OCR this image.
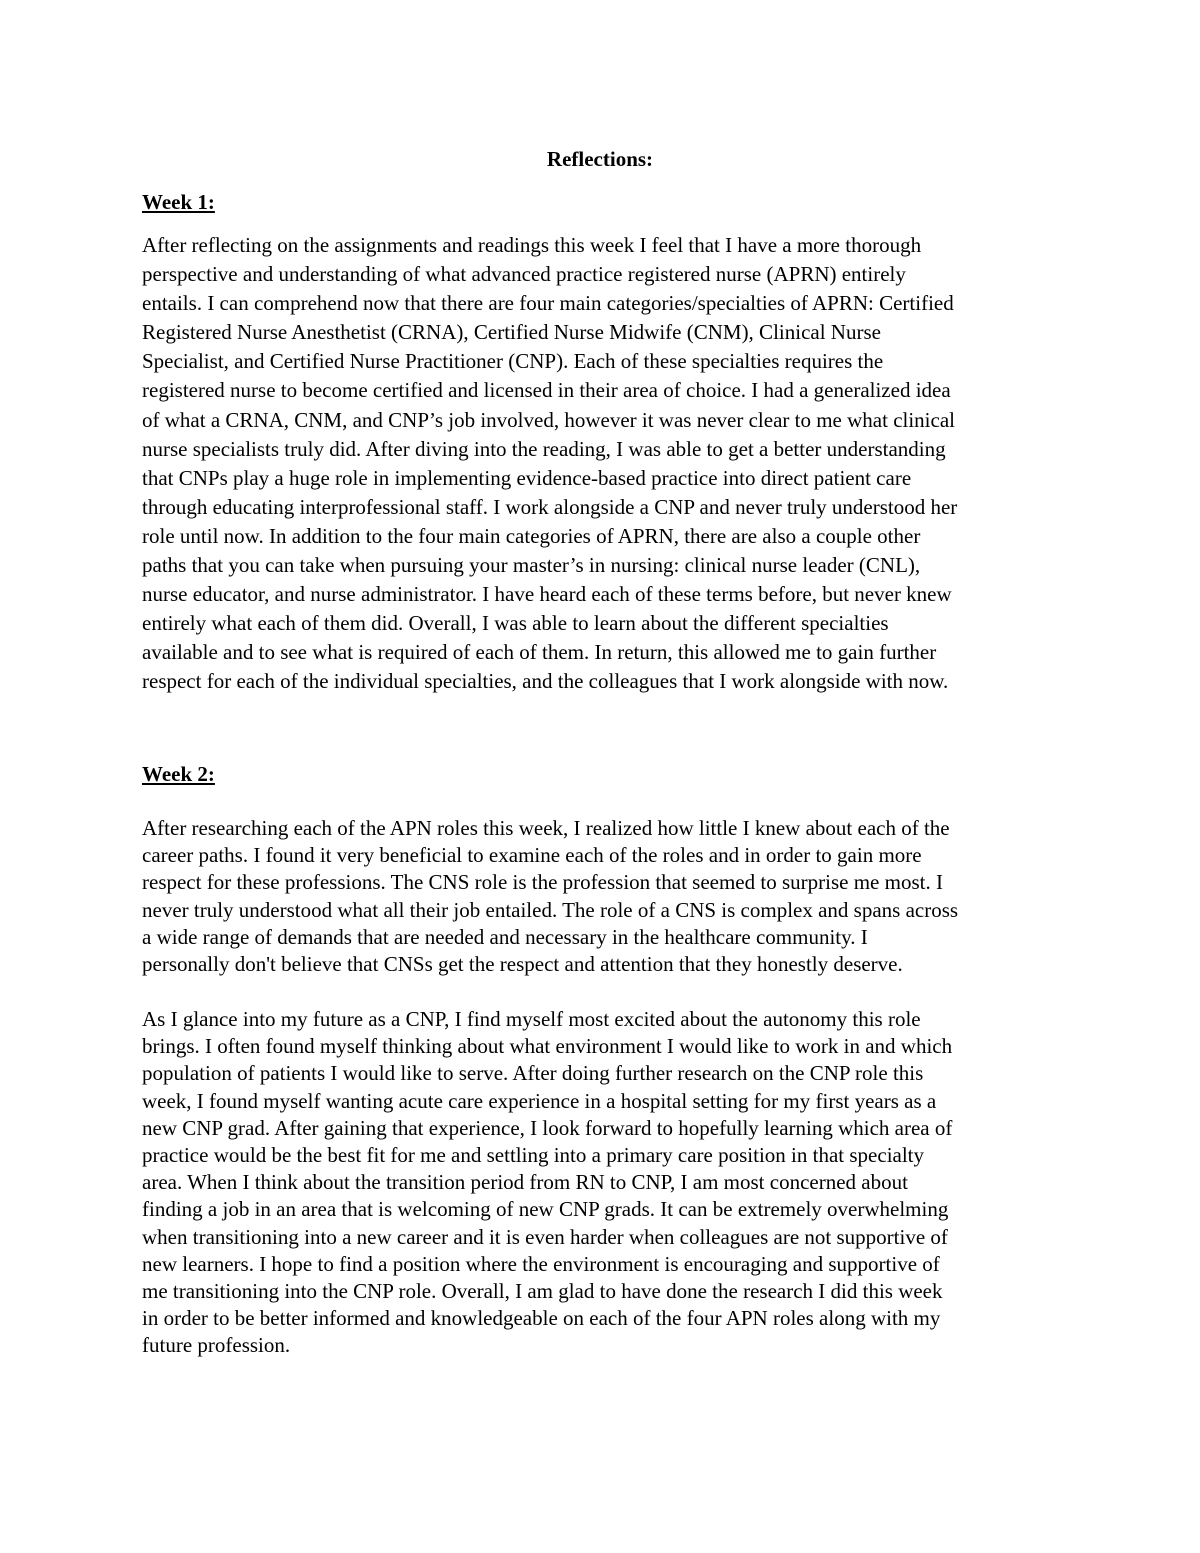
Reflections:
Week 1:
After reflecting on the assignments and readings this week I feel that I have a more thorough
perspective and understanding of what advanced practice registered nurse (APRN) entirely
entails. I can comprehend now that there are four main categories/specialties of APRN: Certified
Registered Nurse Anesthetist (CRNA), Certified Nurse Midwife (CNM), Clinical Nurse
Specialist, and Certified Nurse Practitioner (CNP). Each of these specialties requires the
registered nurse to become certified and licensed in their area of choice. I had a generalized idea
of what a CRNA, CNM, and CNP’s job involved, however it was never clear to me what clinical
nurse specialists truly did. After diving into the reading, I was able to get a better understanding
that CNPs play a huge role in implementing evidence-based practice into direct patient care
through educating interprofessional staff. I work alongside a CNP and never truly understood her
role until now. In addition to the four main categories of APRN, there are also a couple other
paths that you can take when pursuing your master’s in nursing: clinical nurse leader (CNL),
nurse educator, and nurse administrator. I have heard each of these terms before, but never knew
entirely what each of them did. Overall, I was able to learn about the different specialties
available and to see what is required of each of them. In return, this allowed me to gain further
respect for each of the individual specialties, and the colleagues that I work alongside with now.
Week 2:
After researching each of the APN roles this week, I realized how little I knew about each of the
career paths. I found it very beneficial to examine each of the roles and in order to gain more
respect for these professions. The CNS role is the profession that seemed to surprise me most. I
never truly understood what all their job entailed. The role of a CNS is complex and spans across
a wide range of demands that are needed and necessary in the healthcare community. I
personally don't believe that CNSs get the respect and attention that they honestly deserve.
As I glance into my future as a CNP, I find myself most excited about the autonomy this role
brings. I often found myself thinking about what environment I would like to work in and which
population of patients I would like to serve. After doing further research on the CNP role this
week, I found myself wanting acute care experience in a hospital setting for my first years as a
new CNP grad. After gaining that experience, I look forward to hopefully learning which area of
practice would be the best fit for me and settling into a primary care position in that specialty
area. When I think about the transition period from RN to CNP, I am most concerned about
finding a job in an area that is welcoming of new CNP grads. It can be extremely overwhelming
when transitioning into a new career and it is even harder when colleagues are not supportive of
new learners. I hope to find a position where the environment is encouraging and supportive of
me transitioning into the CNP role. Overall, I am glad to have done the research I did this week
in order to be better informed and knowledgeable on each of the four APN roles along with my
future profession.
